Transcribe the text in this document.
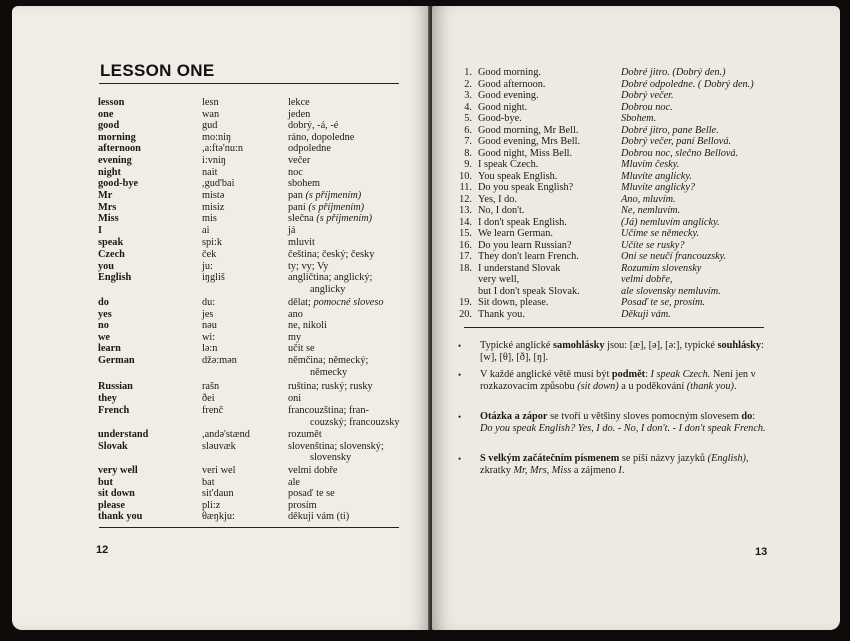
LESSON ONE
lesson	lesn	lekce
one	wan	jeden
good	gud	dobrý, -á, -é
morning	mo:niŋ	ráno, dopoledne
afternoon	,a:ftə'nu:n	odpoledne
evening	i:vniŋ	večer
night	nait	noc
good-bye	,gud'bai	sbohem
Mr	mistə	pan (s příjmením)
Mrs	misiz	paní (s příjmením)
Miss	mis	slečna (s příjmením)
I	ai	já
speak	spi:k	mluvit
Czech	ček	čeština; český; česky
you	ju:	ty; vy; Vy
English	iŋgliš	angličtina; anglický;
anglicky
do	du:	dělat; pomocné sloveso
yes	jes	ano
no	nəu	ne, nikoli
we	wi:	my
learn	lə:n	učit se
German	džə:mən	němčina; německý;
německy
Russian	rašn	ruština; ruský; rusky
they	ðei	oni
French	frenč	francouzština; fran-
couzský; francouzsky
understand	,andə'stænd	rozumět
Slovak	sləuvæk	slovenština; slovenský;
slovensky
very well	veri wel	velmi dobře
but	bat	ale
sit down	sit'daun	posaď te se
please	pli:z	prosím
thank you	θæŋkju:	děkuji vám (ti)
12
1. Good morning.	Dobré jitro. (Dobrý den.)
2. Good afternoon.	Dobré odpoledne. ( Dobrý den.)
3. Good evening.	Dobrý večer.
4. Good night.	Dobrou noc.
5. Good-bye.	Sbohem.
6. Good morning, Mr Bell.	Dobré jitro, pane Belle.
7. Good evening, Mrs Bell.	Dobrý večer, paní Bellová.
8. Good night, Miss Bell.	Dobrou noc, slečno Bellová.
9. I speak Czech.	Mluvím česky.
10. You speak English.	Mluvíte anglicky.
11. Do you speak English?	Mluvíte anglicky?
12. Yes, I do.	Ano, mluvím.
13. No, I don't.	Ne, nemluvím.
14. I don't speak English.	(Já) nemluvím anglicky.
15. We learn German.	Učíme se německy.
16. Do you learn Russian?	Učíte se rusky?
17. They don't learn French.	Oni se neučí francouzsky.
18. I understand Slovak	Rozumím slovensky
very well,	velmi dobře,
but I don't speak Slovak.	ale slovensky nemluvím.
19. Sit down, please.	Posaď te se, prosím.
20. Thank you.	Děkuji vám.
• Typické anglické samohlásky jsou: [æ], [ə], [ə:], typické souhlásky: [w], [θ], [ð], [ŋ].
• V každé anglické větě musí být podmět: I speak Czech. Není jen v rozkazovacím způsobu (sit down) a u poděkování (thank you).
• Otázka a zápor se tvoří u většiny sloves pomocným slovesem do: Do you speak English? Yes, I do. - No, I don't. - I don't speak French.
• S velkým začátečním písmenem se píší názvy jazyků (English), zkratky Mr, Mrs, Miss a zájmeno I.
13
